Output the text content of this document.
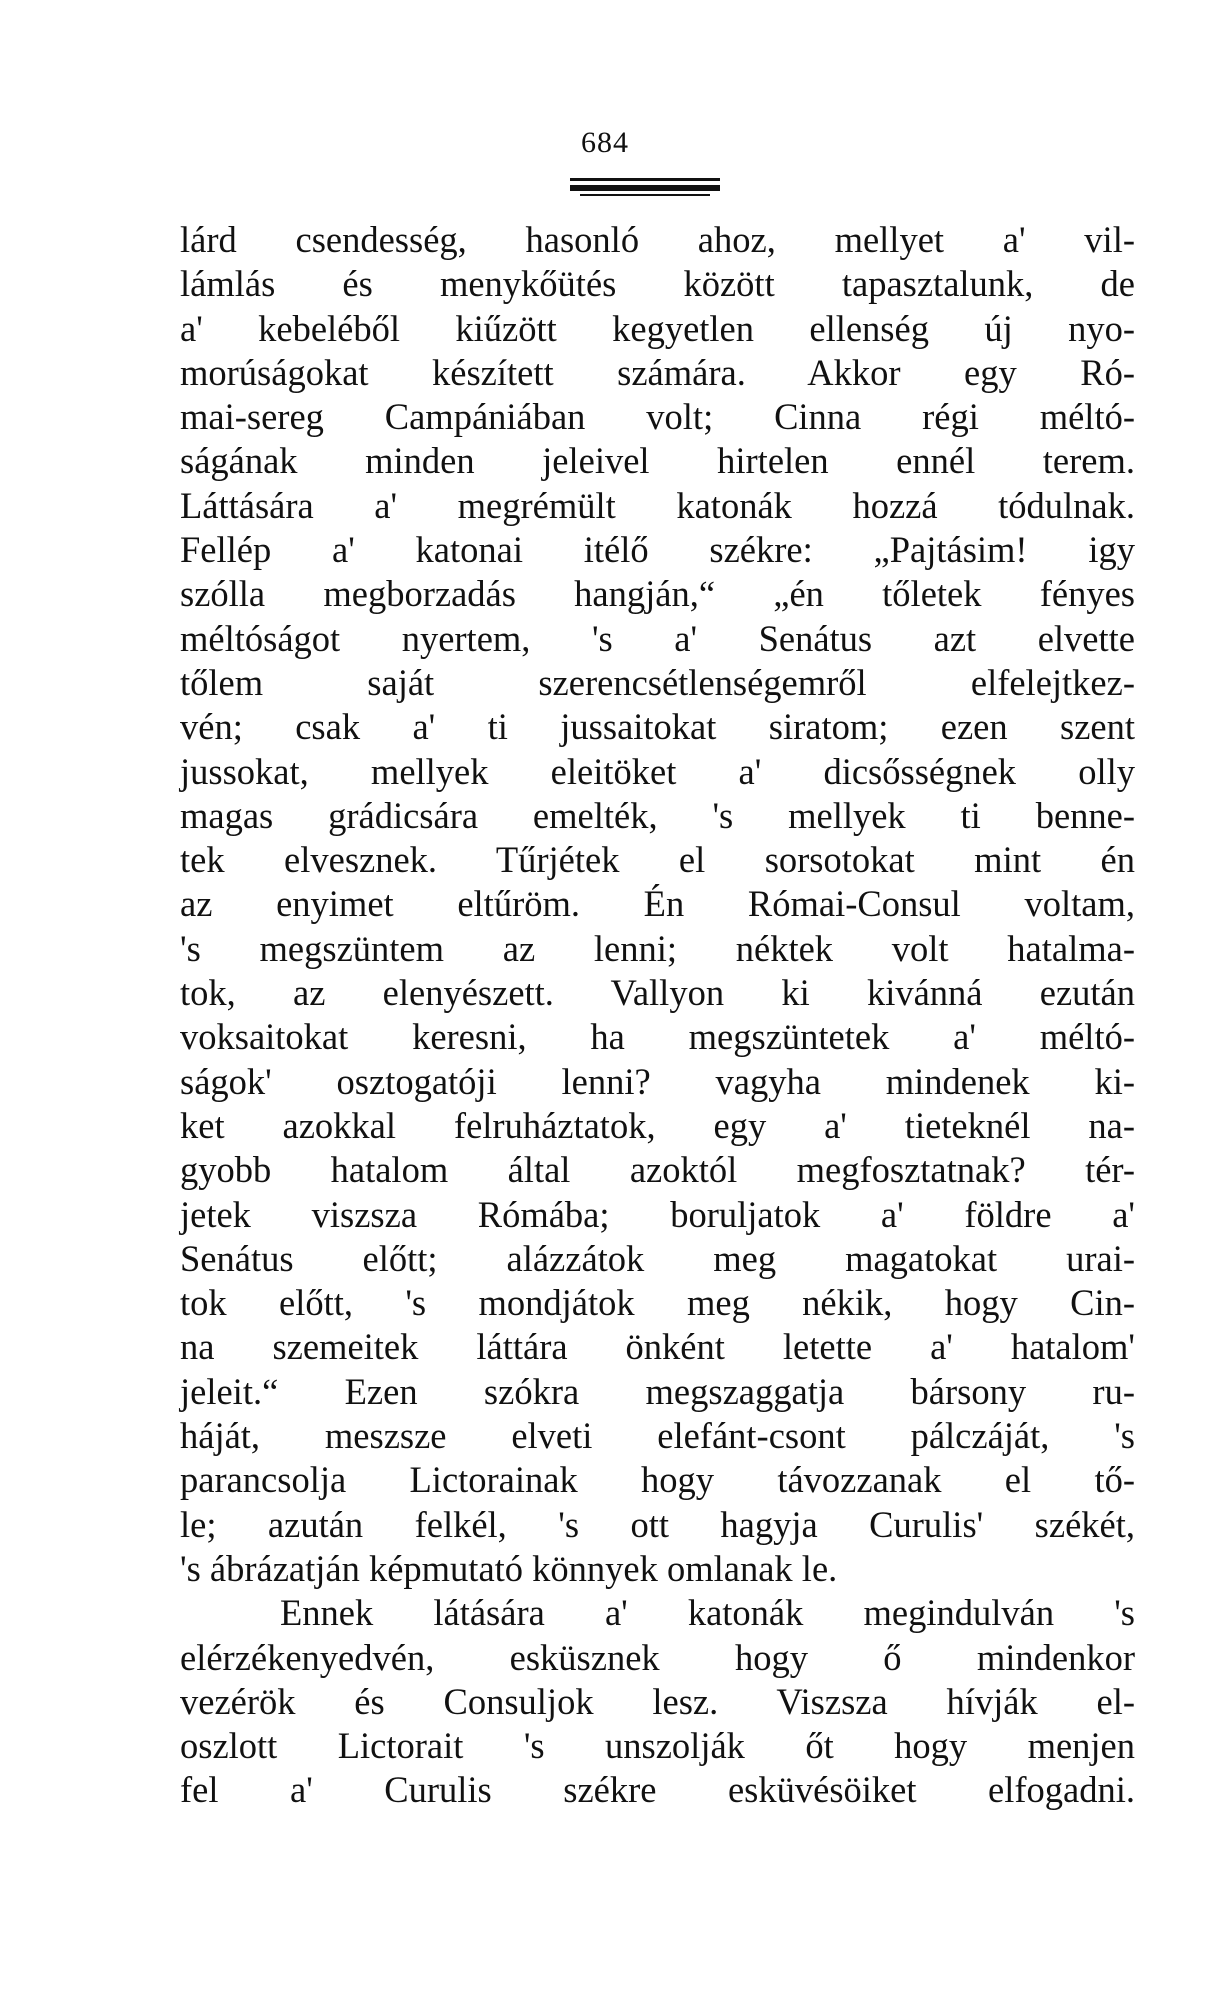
684
lárd csendesség, hasonló ahoz, mellyet a' vil-
lámlás és menykőütés között tapasztalunk, de
a' kebeléből kiűzött kegyetlen ellenség új nyo-
morúságokat készített számára. Akkor egy Ró-
mai-sereg Campániában volt; Cinna régi méltó-
ságának minden jeleivel hirtelen ennél terem.
Láttására a' megrémült katonák hozzá tódulnak.
Fellép a' katonai itélő székre: „Pajtásim! igy
szólla megborzadás hangján,“ „én tőletek fényes
méltóságot nyertem, 's a' Senátus azt elvette
tőlem saját szerencsétlenségemről elfelejtkez-
vén; csak a' ti jussaitokat siratom; ezen szent
jussokat, mellyek eleitöket a' dicsősségnek olly
magas grádicsára emelték, 's mellyek ti benne-
tek elvesznek. Tűrjétek el sorsotokat mint én
az enyimet eltűröm. Én Római-Consul voltam,
's megszüntem az lenni; néktek volt hatalma-
tok, az elenyészett. Vallyon ki kivánná ezután
voksaitokat keresni, ha megszüntetek a' méltó-
ságok' osztogatóji lenni? vagyha mindenek ki-
ket azokkal felruháztatok, egy a' tieteknél na-
gyobb hatalom által azoktól megfosztatnak? tér-
jetek viszsza Rómába; boruljatok a' földre a'
Senátus előtt; alázzátok meg magatokat urai-
tok előtt, 's mondjátok meg nékik, hogy Cin-
na szemeitek láttára önként letette a' hatalom'
jeleit.“ Ezen szókra megszaggatja bársony ru-
háját, meszsze elveti elefánt-csont pálczáját, 's
parancsolja Lictorainak hogy távozzanak el tő-
le; azután felkél, 's ott hagyja Curulis' székét,
's ábrázatján képmutató könnyek omlanak le.
Ennek látására a' katonák megindulván 's
elérzékenyedvén, esküsznek hogy ő mindenkor
vezérök és Consuljok lesz. Viszsza hívják el-
oszlott Lictorait 's unszolják őt hogy menjen
fel a' Curulis székre esküvésöiket elfogadni.
